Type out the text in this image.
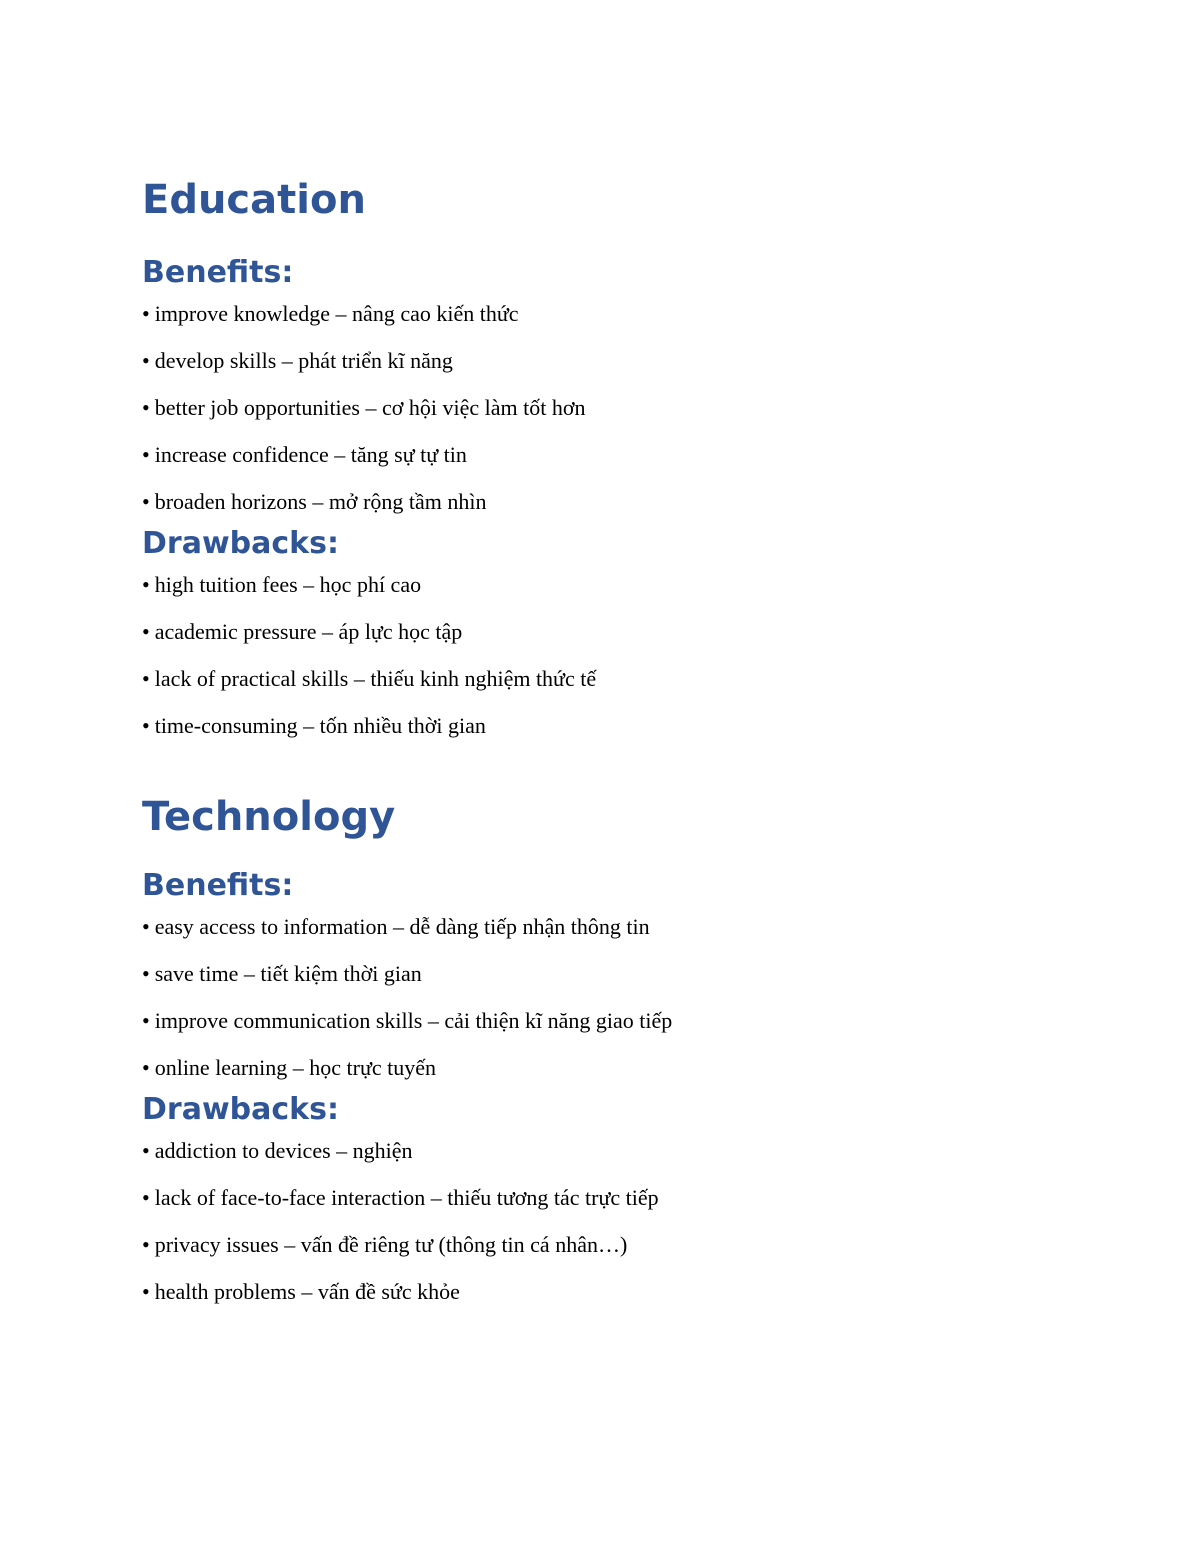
Education
Benefits:
• improve knowledge – nâng cao kiến thức
• develop skills – phát triển kĩ năng
• better job opportunities – cơ hội việc làm tốt hơn
• increase confidence – tăng sự tự tin
• broaden horizons – mở rộng tầm nhìn
Drawbacks:
• high tuition fees – học phí cao
• academic pressure – áp lực học tập
• lack of practical skills – thiếu kinh nghiệm thức tế
• time-consuming – tốn nhiều thời gian
Technology
Benefits:
• easy access to information – dễ dàng tiếp nhận thông tin
• save time – tiết kiệm thời gian
• improve communication skills – cải thiện kĩ năng giao tiếp
• online learning – học trực tuyến
Drawbacks:
• addiction to devices – nghiện
• lack of face-to-face interaction – thiếu tương tác trực tiếp
• privacy issues – vấn đề riêng tư (thông tin cá nhân…)
• health problems – vấn đề sức khỏe
